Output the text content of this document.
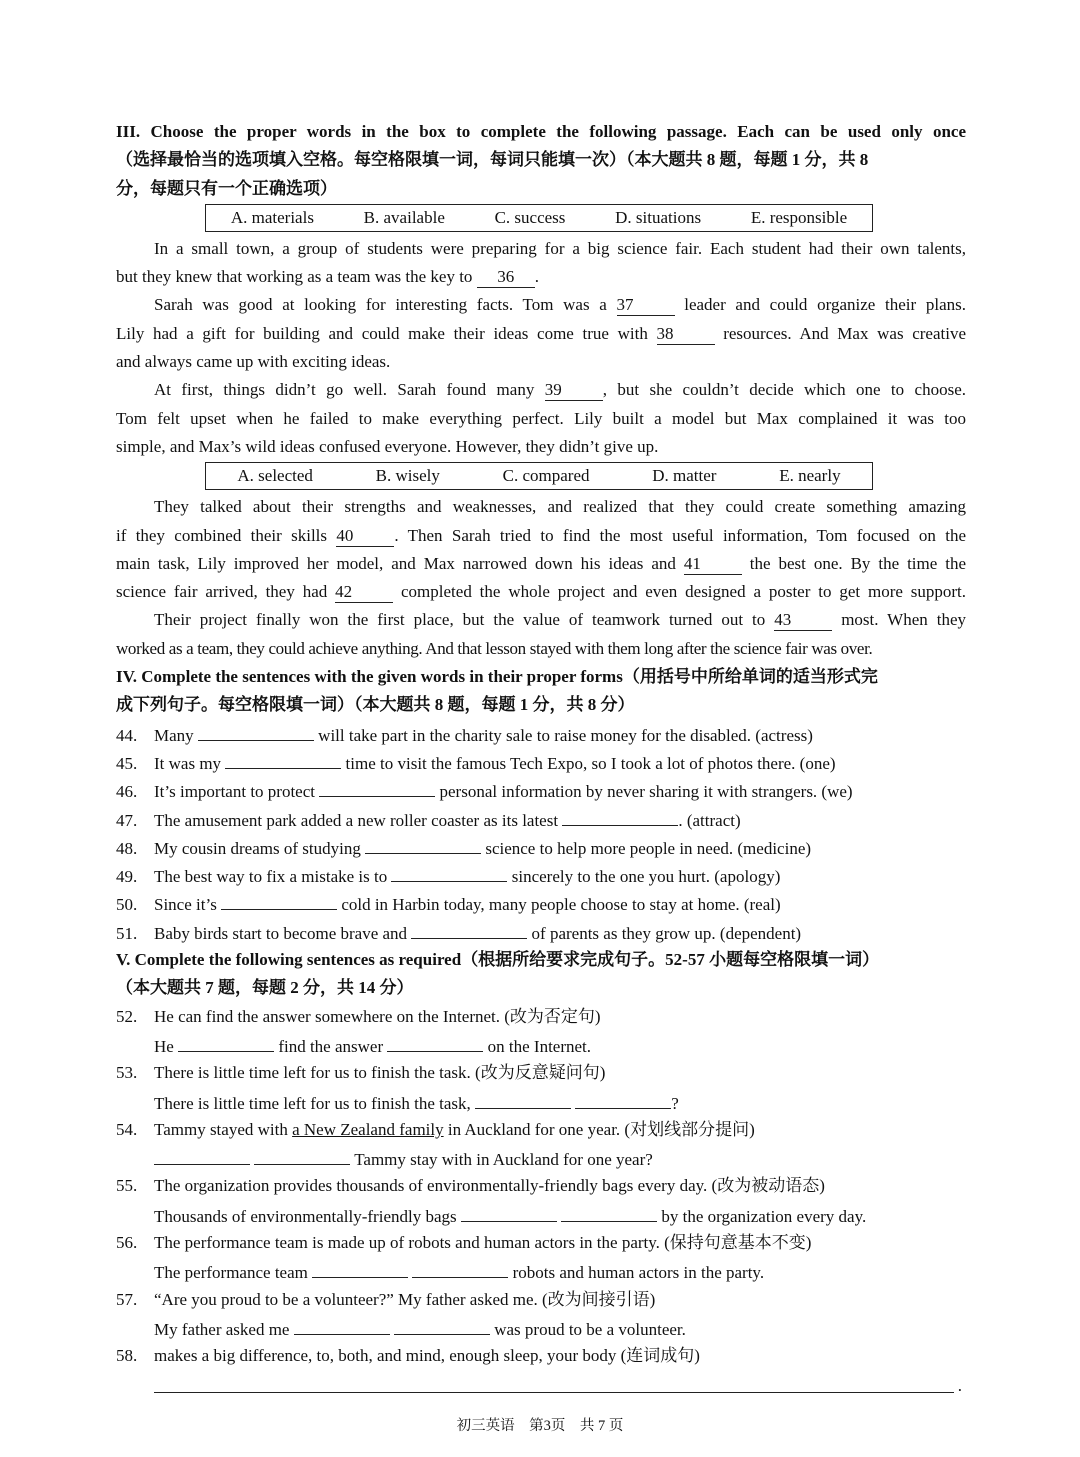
III. Choose the proper words in the box to complete the following passage. Each can be used only once
（选择最恰当的选项填入空格。每空格限填一词，每词只能填一次）（本大题共 8 题，每题 1 分，共 8
分，每题只有一个正确选项）
A. materials	B. available	C. success	D. situations	E. responsible
In a small town, a group of students were preparing for a big science fair. Each student had their own talents,
but they knew that working as a team was the key to 36 .
Sarah was good at looking for interesting facts. Tom was a 37	leader and could organize their plans.
Lily had a gift for building and could make their ideas come true with 38	resources. And Max was creative
and always came up with exciting ideas.
At first, things didn’t go well. Sarah found many 39 , but she couldn’t decide which one to choose.
Tom felt upset when he failed to make everything perfect. Lily built a model but Max complained it was too
simple, and Max’s wild ideas confused everyone. However, they didn’t give up.
A. selected	B. wisely	C. compared	D. matter	E. nearly
They talked about their strengths and weaknesses, and realized that they could create something amazing
if they combined their skills 40 . Then Sarah tried to find the most useful information, Tom focused on the
main task, Lily improved her model, and Max narrowed down his ideas and 41	the best one. By the time the
science fair arrived, they had 42	completed the whole project and even designed a poster to get more support.
Their project finally won the first place, but the value of teamwork turned out to 43	most. When they
worked as a team, they could achieve anything. And that lesson stayed with them long after the science fair was over.
IV. Complete the sentences with the given words in their proper forms（用括号中所给单词的适当形式完
成下列句子。每空格限填一词）（本大题共 8 题，每题 1 分，共 8 分）
44. Many	will take part in the charity sale to raise money for the disabled. (actress)
45. It was my	time to visit the famous Tech Expo, so I took a lot of photos there. (one)
46. It’s important to protect	personal information by never sharing it with strangers. (we)
47. The amusement park added a new roller coaster as its latest	. (attract)
48. My cousin dreams of studying	science to help more people in need. (medicine)
49. The best way to fix a mistake is to	sincerely to the one you hurt. (apology)
50. Since it’s	cold in Harbin today, many people choose to stay at home. (real)
51. Baby birds start to become brave and	of parents as they grow up. (dependent)
V. Complete the following sentences as required（根据所给要求完成句子。52-57 小题每空格限填一词）
（本大题共 7 题，每题 2 分，共 14 分）
52. He can find the answer somewhere on the Internet. (改为否定句)
He	find the answer	on the Internet.
53. There is little time left for us to finish the task. (改为反意疑问句)
There is little time left for us to finish the task,	?
54. Tammy stayed with a New Zealand family in Auckland for one year. (对划线部分提问)
Tammy stay with in Auckland for one year?
55. The organization provides thousands of environmentally-friendly bags every day. (改为被动语态)
Thousands of environmentally-friendly bags	by the organization every day.
56. The performance team is made up of robots and human actors in the party. (保持句意基本不变)
The performance team	robots and human actors in the party.
57. “Are you proud to be a volunteer?” My father asked me. (改为间接引语)
My father asked me	was proud to be a volunteer.
58. makes a big difference, to, both, and mind, enough sleep, your body (连词成句)
.
初三英语　第3页　共 7 页
